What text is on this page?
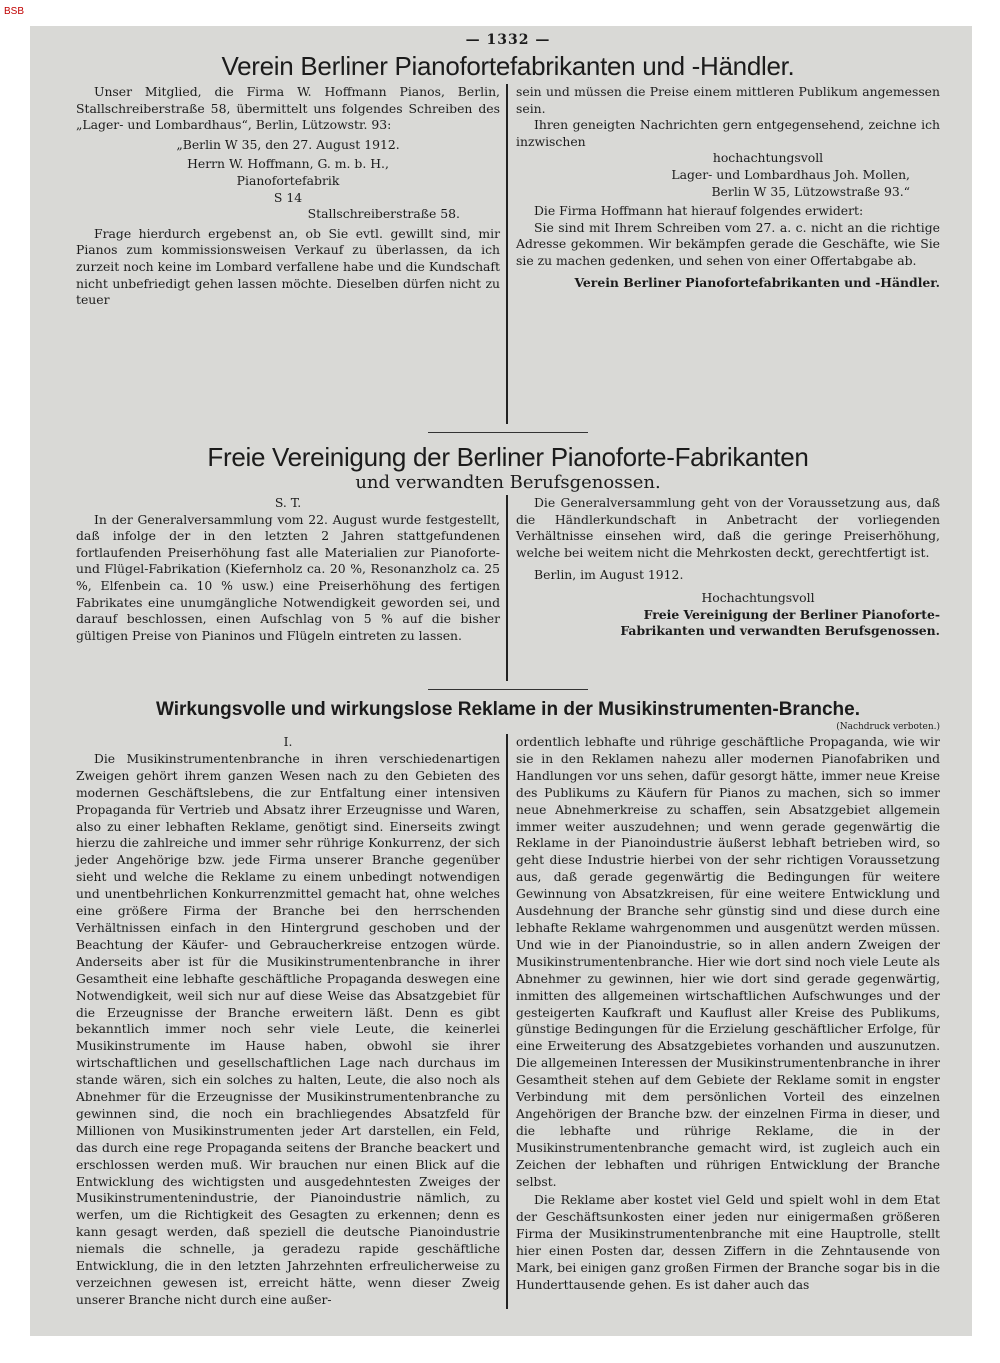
BSB
— 1332 —
Verein Berliner Pianofortefabrikanten und -Händler.

Unser Mitglied, die Firma W. Hoffmann Pianos, Berlin, Stallschreiberstraße 58, übermittelt uns folgendes Schreiben des „Lager- und Lombardhaus“, Berlin, Lützowstr. 93:

„Berlin W 35, den 27. August 1912.

Herrn W. Hoffmann, G. m. b. H.,

Pianofortefabrik

S 14

Stallschreiberstraße 58.

Frage hierdurch ergebenst an, ob Sie evtl. gewillt sind, mir Pianos zum kommissionsweisen Verkauf zu überlassen, da ich zurzeit noch keine im Lombard verfallene habe und die Kundschaft nicht unbefriedigt gehen lassen möchte. Dieselben dürfen nicht zu teuer

sein und müssen die Preise einem mittleren Publikum angemessen sein.

Ihren geneigten Nachrichten gern entgegensehend, zeichne ich inzwischen

hochachtungsvoll

Lager- und Lombardhaus Joh. Mollen,

Berlin W 35, Lützowstraße 93.“

Die Firma Hoffmann hat hierauf folgendes erwidert:

Sie sind mit Ihrem Schreiben vom 27. a. c. nicht an die richtige Adresse gekommen. Wir bekämpfen gerade die Geschäfte, wie Sie sie zu machen gedenken, und sehen von einer Offertabgabe ab.

Verein Berliner Pianofortefabrikanten und -Händler.

Freie Vereinigung der Berliner Pianoforte-Fabrikanten
und verwandten Berufsgenossen.

S. T.

In der Generalversammlung vom 22. August wurde festgestellt, daß infolge der in den letzten 2 Jahren stattgefundenen fortlaufenden Preiserhöhung fast alle Materialien zur Pianoforte- und Flügel-Fabrikation (Kiefernholz ca. 20 %, Resonanzholz ca. 25 %, Elfenbein ca. 10 % usw.) eine Preiserhöhung des fertigen Fabrikates eine unumgängliche Notwendigkeit geworden sei, und darauf beschlossen, einen Aufschlag von 5 % auf die bisher gültigen Preise von Pianinos und Flügeln eintreten zu lassen.

Die Generalversammlung geht von der Voraussetzung aus, daß die Händlerkundschaft in Anbetracht der vorliegenden Verhältnisse einsehen wird, daß die geringe Preiserhöhung, welche bei weitem nicht die Mehrkosten deckt, gerechtfertigt ist.

Berlin, im August 1912.

Hochachtungsvoll

Freie Vereinigung der Berliner Pianoforte-

Fabrikanten und verwandten Berufsgenossen.

Wirkungsvolle und wirkungslose Reklame in der Musikinstrumenten-Branche.
(Nachdruck verboten.)

I.

Die Musikinstrumentenbranche in ihren verschiedenartigen Zweigen gehört ihrem ganzen Wesen nach zu den Gebieten des modernen Geschäftslebens, die zur Entfaltung einer intensiven Propaganda für Vertrieb und Absatz ihrer Erzeugnisse und Waren, also zu einer lebhaften Reklame, genötigt sind. Einerseits zwingt hierzu die zahlreiche und immer sehr rührige Konkurrenz, der sich jeder Angehörige bzw. jede Firma unserer Branche gegenüber sieht und welche die Reklame zu einem unbedingt notwendigen und unentbehrlichen Konkurrenzmittel gemacht hat, ohne welches eine größere Firma der Branche bei den herrschenden Verhältnissen einfach in den Hintergrund geschoben und der Beachtung der Käufer- und Gebraucherkreise entzogen würde. Anderseits aber ist für die Musikinstrumentenbranche in ihrer Gesamtheit eine lebhafte geschäftliche Propaganda deswegen eine Notwendigkeit, weil sich nur auf diese Weise das Absatzgebiet für die Erzeugnisse der Branche erweitern läßt. Denn es gibt bekanntlich immer noch sehr viele Leute, die keinerlei Musikinstrumente im Hause haben, obwohl sie ihrer wirtschaftlichen und gesellschaftlichen Lage nach durchaus im stande wären, sich ein solches zu halten, Leute, die also noch als Abnehmer für die Erzeugnisse der Musikinstrumentenbranche zu gewinnen sind, die noch ein brachliegendes Absatzfeld für Millionen von Musikinstrumenten jeder Art darstellen, ein Feld, das durch eine rege Propaganda seitens der Branche beackert und erschlossen werden muß. Wir brauchen nur einen Blick auf die Entwicklung des wichtigsten und ausgedehntesten Zweiges der Musikinstrumentenindustrie, der Pianoindustrie nämlich, zu werfen, um die Richtigkeit des Gesagten zu erkennen; denn es kann gesagt werden, daß speziell die deutsche Pianoindustrie niemals die schnelle, ja geradezu rapide geschäftliche Entwicklung, die in den letzten Jahrzehnten erfreulicherweise zu verzeichnen gewesen ist, erreicht hätte, wenn dieser Zweig unserer Branche nicht durch eine außer-

ordentlich lebhafte und rührige geschäftliche Propaganda, wie wir sie in den Reklamen nahezu aller modernen Pianofabriken und Handlungen vor uns sehen, dafür gesorgt hätte, immer neue Kreise des Publikums zu Käufern für Pianos zu machen, sich so immer neue Abnehmerkreise zu schaffen, sein Absatzgebiet allgemein immer weiter auszudehnen; und wenn gerade gegenwärtig die Reklame in der Pianoindustrie äußerst lebhaft betrieben wird, so geht diese Industrie hierbei von der sehr richtigen Voraussetzung aus, daß gerade gegenwärtig die Bedingungen für weitere Gewinnung von Absatzkreisen, für eine weitere Entwicklung und Ausdehnung der Branche sehr günstig sind und diese durch eine lebhafte Reklame wahrgenommen und ausgenützt werden müssen. Und wie in der Pianoindustrie, so in allen andern Zweigen der Musikinstrumentenbranche. Hier wie dort sind noch viele Leute als Abnehmer zu gewinnen, hier wie dort sind gerade gegenwärtig, inmitten des allgemeinen wirtschaftlichen Aufschwunges und der gesteigerten Kaufkraft und Kauflust aller Kreise des Publikums, günstige Bedingungen für die Erzielung geschäftlicher Erfolge, für eine Erweiterung des Absatzgebietes vorhanden und auszunutzen. Die allgemeinen Interessen der Musikinstrumentenbranche in ihrer Gesamtheit stehen auf dem Gebiete der Reklame somit in engster Verbindung mit dem persönlichen Vorteil des einzelnen Angehörigen der Branche bzw. der einzelnen Firma in dieser, und die lebhafte und rührige Reklame, die in der Musikinstrumentenbranche gemacht wird, ist zugleich auch ein Zeichen der lebhaften und rührigen Entwicklung der Branche selbst.

Die Reklame aber kostet viel Geld und spielt wohl in dem Etat der Geschäftsunkosten einer jeden nur einigermaßen größeren Firma der Musikinstrumentenbranche mit eine Hauptrolle, stellt hier einen Posten dar, dessen Ziffern in die Zehntausende von Mark, bei einigen ganz großen Firmen der Branche sogar bis in die Hunderttausende gehen. Es ist daher auch das
